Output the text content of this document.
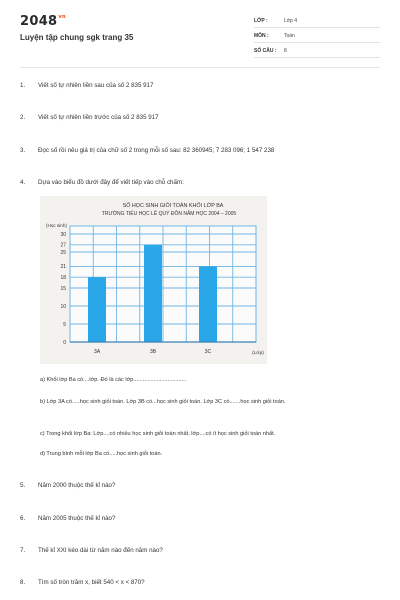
$2048^{vn}$
Luyện tập chung sgk trang 35
LỚP :	Lớp 4
MÔN :	Toán
SỐ CÂU : 8
1. Viết số tự nhiên liền sau của số 2 835 917
2. Viết số tự nhiên liền trước của số 2 835 917
3. Đọc số rồi nêu giá trị của chữ số 2 trong mỗi số sau: 82 360945; 7 283 096; 1 547 238
4. Dựa vào biểu đồ dưới đây để viết tiếp vào chỗ chấm:
SỐ HỌC SINH GIỎI TOÁN KHỐI LỚP BA
TRƯỜNG TIỂU HỌC LÊ QUÝ ĐÔN NĂM HỌC 2004 – 2005
0
5
10
15
18
21
25
27
30
(Học sinh)
3A	3B	3C	(Lớp)
a) Khối lớp Ba có....lớp. Đó là các lớp..................................
b) Lớp 3A có.....học sinh giỏi toán. Lớp 3B có...học sinh giỏi toán. Lớp 3C có.......học sinh giỏi toán.
c) Trong khối lớp Ba: Lớp....có nhiều học sinh giỏi toán nhất, lớp....có ít học sinh giỏi toán nhất.
d) Trung bình mỗi lớp Ba có.....học sinh giỏi toán.
5. Năm 2000 thuộc thế kỉ nào?
6. Năm 2005 thuộc thế kỉ nào?
7. Thế kỉ XXI kéo dài từ năm nào đến năm nào?
8. Tìm số tròn trăm x, biết 540 < x < 870?
